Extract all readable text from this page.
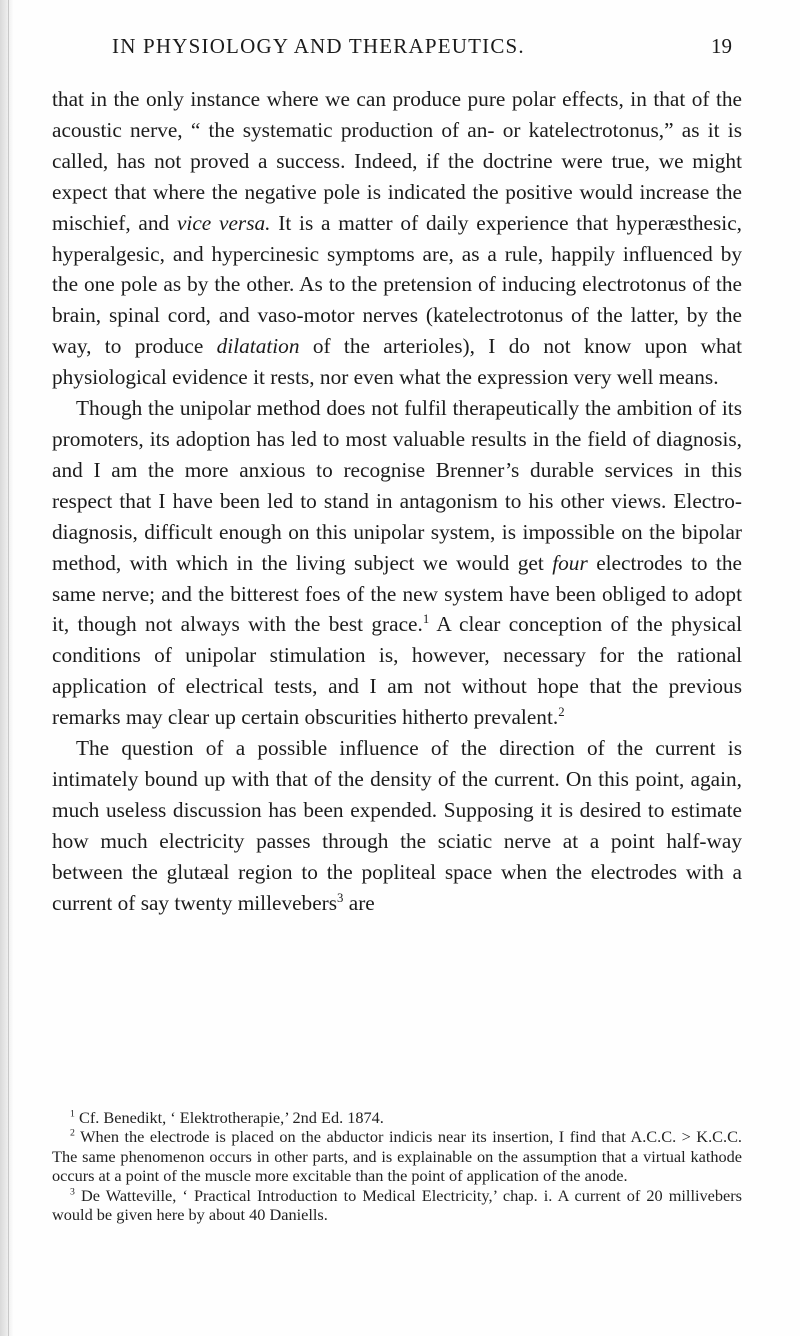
IN PHYSIOLOGY AND THERAPEUTICS.	19

that in the only instance where we can produce pure polar effects, in that of the acoustic nerve, “ the systematic production of an- or katelectrotonus,” as it is called, has not proved a success. Indeed, if the doctrine were true, we might expect that where the negative pole is indicated the positive would increase the mischief, and vice versa. It is a matter of daily experience that hyperæsthesic, hyperalgesic, and hypercinesic symptoms are, as a rule, happily influenced by the one pole as by the other. As to the pretension of inducing electrotonus of the brain, spinal cord, and vaso-motor nerves (katelectrotonus of the latter, by the way, to produce dilatation of the arterioles), I do not know upon what physiological evidence it rests, nor even what the expression very well means.

Though the unipolar method does not fulfil therapeutically the ambition of its promoters, its adoption has led to most valuable results in the field of diagnosis, and I am the more anxious to recognise Brenner’s durable services in this respect that I have been led to stand in antagonism to his other views. Electro-diagnosis, difficult enough on this unipolar system, is impossible on the bipolar method, with which in the living subject we would get four electrodes to the same nerve; and the bitterest foes of the new system have been obliged to adopt it, though not always with the best grace.$^1$ A clear conception of the physical conditions of unipolar stimulation is, however, necessary for the rational application of electrical tests, and I am not without hope that the previous remarks may clear up certain obscurities hitherto prevalent.$^2$

The question of a possible influence of the direction of the current is intimately bound up with that of the density of the current. On this point, again, much useless discussion has been expended. Supposing it is desired to estimate how much electricity passes through the sciatic nerve at a point half-way between the glutæal region to the popliteal space when the electrodes with a current of say twenty millevebers$^3$ are

$^1$ Cf. Benedikt, ‘ Elektrotherapie,’ 2nd Ed. 1874.

$^2$ When the electrode is placed on the abductor indicis near its insertion, I find that A.C.C. > K.C.C. The same phenomenon occurs in other parts, and is explainable on the assumption that a virtual kathode occurs at a point of the muscle more excitable than the point of application of the anode.

$^3$ De Watteville, ‘ Practical Introduction to Medical Electricity,’ chap. i. A current of 20 millivebers would be given here by about 40 Daniells.
